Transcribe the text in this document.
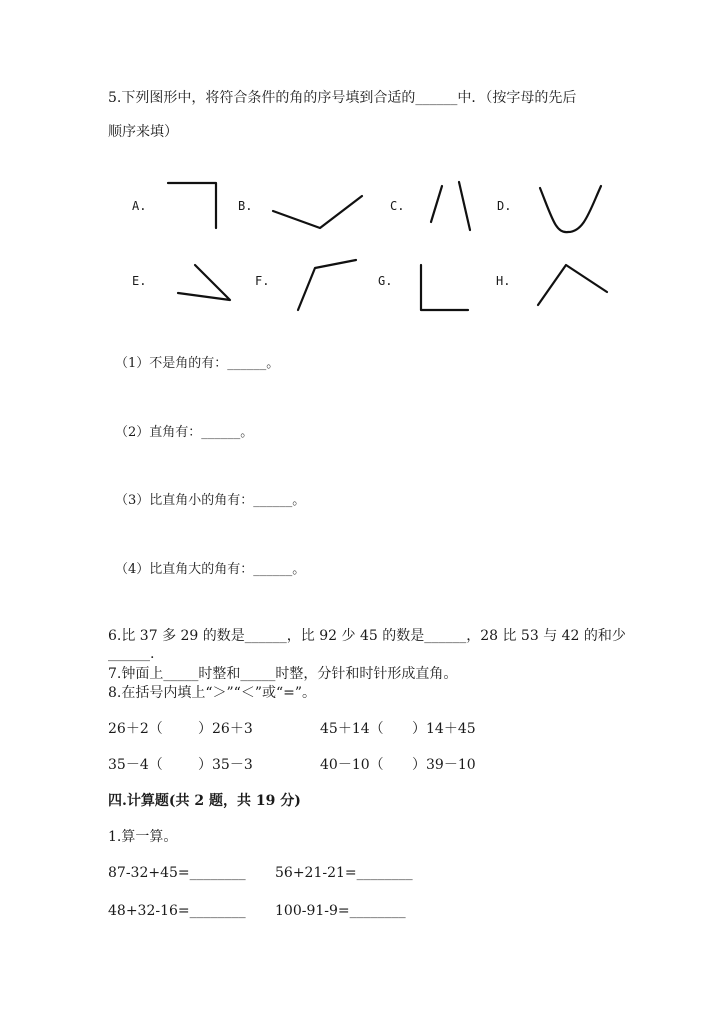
5.下列图形中，将符合条件的角的序号填到合适的______中．（按字母的先后
顺序来填）
A.	B.	C.	D.
E.	F.	G.	H.
（1）不是角的有：______。
（2）直角有：______。
（3）比直角小的角有：______。
（4）比直角大的角有：______。
6.比 37 多 29 的数是______，比 92 少 45 的数是______，28 比 53 与 42 的和少
______.
7.钟面上_____时整和_____时整，分针和时针形成直角。
8.在括号内填上“＞”“＜”或“=”。
26＋2（	）26＋3	45＋14（ ）14＋45
35－4（	）35－3	40－10（ ）39－10
四.计算题(共 2 题，共 19 分)
1.算一算。
87-32+45=________ 56+21-21=________
48+32-16=________ 100-91-9=________
